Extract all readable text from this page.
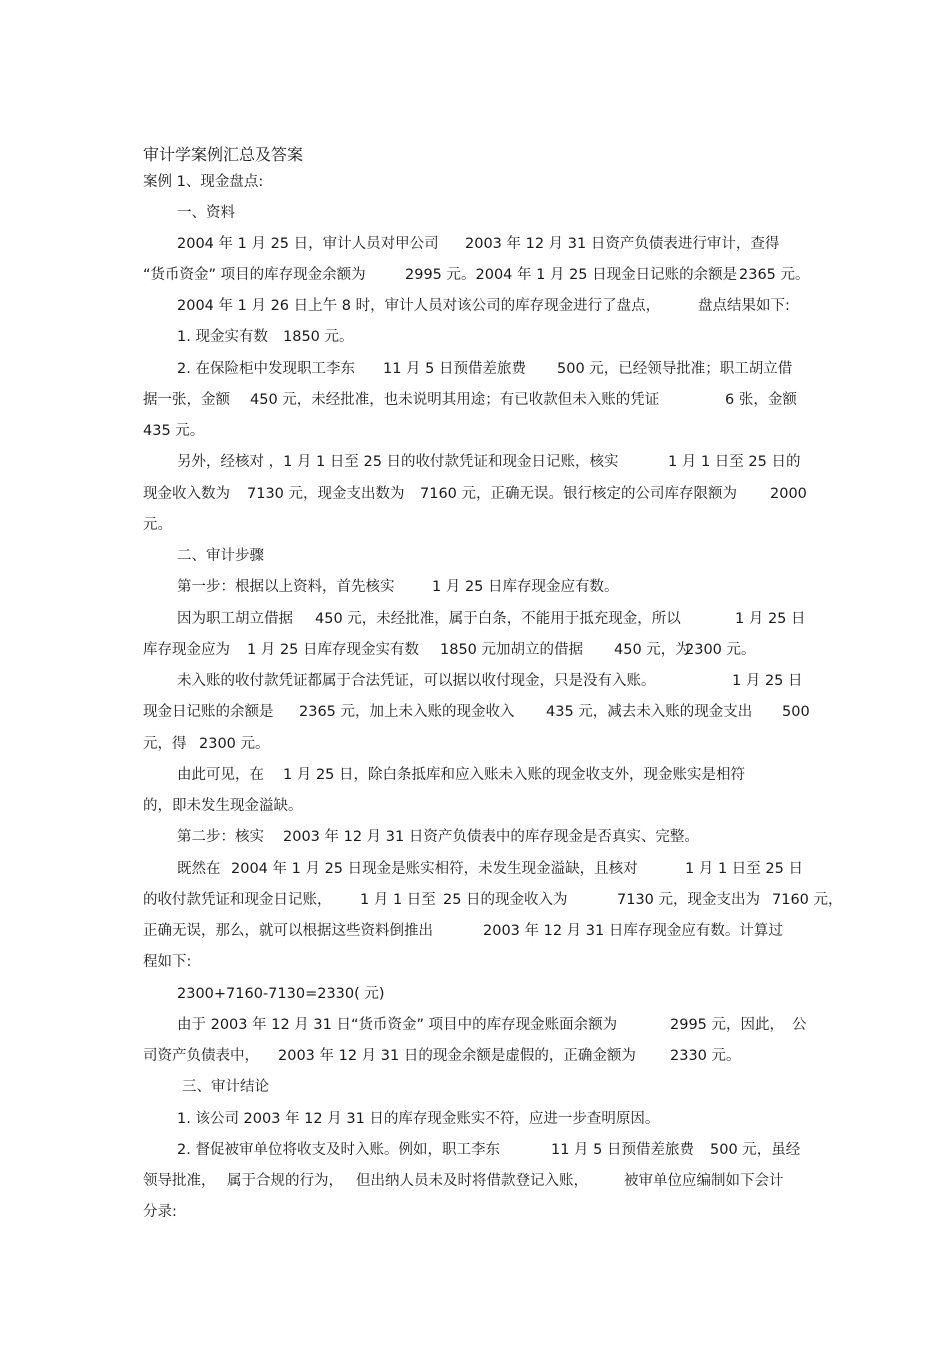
审计学案例汇总及答案
案例 1、现金盘点:
一、资料
2004 年 1 月 25 日，审计人员对甲公司 2003 年 12 月 31 日资产负债表进行审计，查得
“货币资金” 项目的库存现金余额为	2995 元。2004 年 1 月 25 日现金日记账的余额是 2365 元。
2004 年 1 月 26 日上午 8 时，审计人员对该公司的库存现金进行了盘点，	盘点结果如下:
1. 现金实有数 1850 元。
2. 在保险柜中发现职工李东 11 月 5 日预借差旅费 500 元，已经领导批准；职工胡立借
据一张，金额 450 元，未经批准，也未说明其用途；有已收款但未入账的凭证	6 张，金额
435 元。
另外，经核对 ，1 月 1 日至 25 日的收付款凭证和现金日记账，核实	1 月 1 日至 25 日的
现金收入数为 7130 元，现金支出数为 7160 元，正确无误。银行核定的公司库存限额为 2000
元。
二、审计步骤
第一步：根据以上资料，首先核实	1 月 25 日库存现金应有数。
因为职工胡立借据 450 元，未经批准，属于白条，不能用于抵充现金，所以	1 月 25 日
库存现金应为 1 月 25 日库存现金实有数 1850 元加胡立的借据 450 元，为
2300 元。
未入账的收付款凭证都属于合法凭证，可以据以收付现金，只是没有入账。	1 月 25 日
现金日记账的余额是 2365 元，加上未入账的现金收入 435 元，减去未入账的现金支出 500
元，得 2300 元。
由此可见，在 1 月 25 日，除白条抵库和应入账未入账的现金收支外，现金账实是相符
的，即未发生现金溢缺。
第二步：核实 2003 年 12 月 31 日资产负债表中的库存现金是否真实、完整。
既然在 2004 年 1 月 25 日现金是账实相符，未发生现金溢缺，且核对	1 月 1 日至 25 日
的收付款凭证和现金日记账， 1 月 1 日至 25 日的现金收入为	7130 元，现金支出为 7160 元，
正确无误，那么，就可以根据这些资料倒推出	2003 年 12 月 31 日库存现金应有数。计算过
程如下:
2300+7160-7130=2330( 元)
由于 2003 年 12 月 31 日“货币资金” 项目中的库存现金账面余额为	2995 元，因此， 公
司资产负债表中， 2003 年 12 月 31 日的现金余额是虚假的，正确金额为 2330 元。
三、审计结论
1. 该公司 2003 年 12 月 31 日的库存现金账实不符，应进一步查明原因。
2. 督促被审单位将收支及时入账。例如，职工李东	11 月 5 日预借差旅费 500 元，虽经
领导批准， 属于合规的行为， 但出纳人员未及时将借款登记入账， 被审单位应编制如下会计
分录:
